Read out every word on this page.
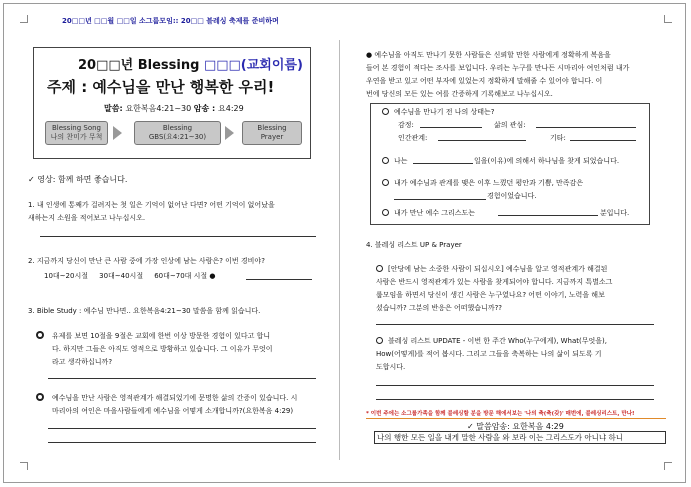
20□□년 □□월 □□일 소그룹모임:: 20□□ 블레싱 축제를 준비하며
20□□년 Blessing □□□(교회이름)
주제 : 예수님을 만난 행복한 우리!
말씀: 요한복음4:21~30 암송 : 요4:29
Blessing Song
나의 찬미가 무척
Blessing
GBS(요4:21~30)
Blessing
Prayer
✓ 영상: 함께 하면 좋습니다.
1. 내 인생에 통째가 걸려지는 첫 일은 기억이 없어난 다면? 어떤 기억이 없어났을
새하는지 소원을 적어보고 나누십시오.
2. 지금까지 당신이 만난 큰 사람 중에 가장 인상에 남는 사람은? 이번 경비야?
10대~20시절 30대~40시절 60대~70대 시절 ●
3. Bible Study : 예수님 만나면.. 요한복음4:21~30 말씀을 함께 읽습니다.
유제를 보면 10절을 9절은 교회에 한번 이상 방문한 경험이 있다고 합니
다. 하지만 그들은 아직도 영적으로 방황하고 있습니다. 그 이유가 무엇이
라고 생각하십니까?
예수님을 만난 사람은 영적관계가 해결되었기에 문명한 삶의 간증이 있습니다. 시
마리아의 여인은 마을사람들에게 예수님을 어떻게 소개합니까?(요한복음 4:29)
● 예수님을 아직도 만나기 못한 사람들은 신뢰할 만한 사람에게 정확하게 복음을
들어 본 경험이 적다는 조사를 보입니다. 우리는 누구를 만나든 시마리아 여인처럼 내가
우연을 받고 있고 어떤 부자에 있었는지 정확하게 말해줄 수 있어야 합니다. 이
번에 당신의 모든 있는 여를 간증하게 기록해보고 나누십시오.
예수님을 만나기 전 나의 상태는?
감정:	삶의 관심:
인간관계:	기타:
나는	일을(이유)에 의해서 하나님을 찾게 되었습니다.
내가 예수님과 관계를 맺은 이후 느꼈던 평안과 기쁨, 만족감은
경험이었습니다.
내가 만난 예수 그리스도는	분입니다.
4. 블레싱 리스트 UP & Prayer
[안당에 남는 소중한 사람이 되십시오] 예수님을 알고 영적관계가 해결된
사람은 반드시 영적관계가 있는 사람을 찾게되어야 합니다. 지금까지 특별소그
룹모임을 하면서 당신이 생긴 사람은 누구였나요? 어떤 이야기, 노력을 해보
셨습니까? 그분의 반응은 어떠했습니까??
블레싱 리스트 UPDATE - 이번 한 주간 Who(누구에게), What(무엇을),
How(어떻게)를 적어 봅시다. 그리고 그들을 축복하는 나의 삶이 되도록 기
도합시다.
* 이번 주에는 소그룹가족을 함께 블레싱할 분을 방문 해에서보는 '나의 축(축(갖)' 매번에, 블레싱리스트, 만나!
✓ 말씀암송: 요한복음 4:29
나의 행한 모든 일을 내게 말한 사람을 와 보라 이는 그리스도가 아니냐 하니
